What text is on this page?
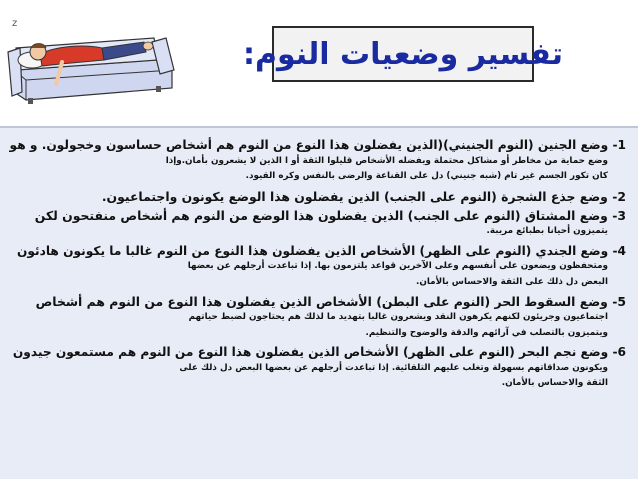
z
تفسير وضعيات النوم:
1- وضع الجنين (النوم الجنيني)(الذين يفضلون هذا النوع من النوم هم أشخاص حساسون وخجولون. و هو
وضع حماية من مخاطر أو مشاكل محتملة ويفضله الأشخاص قليلوا الثقة أو ا الذين لا يشعرون بأمان.وإذا
كان تكور الجسم غير تام (شبه جنيني) دل على القناعة والرضى بالنفس وكره القيود.
2- وضع جذع الشجرة (النوم على الجنب) الذين يفضلون هذا الوضع يكونون واجتماعيون.
3- وضع المشتاق (النوم على الجنب) الذين يفضلون هذا الوضع من النوم هم أشخاص منفتحون لكن
يتميزون أحيانا بطبائع مريبة.
4- وضع الجندي (النوم على الظهر) الأشخاص الذين يفضلون هذا النوع من النوم غالبا ما يكونون هادئون
ومتحفظون ويضعون على أنفسهم وعلى الآخرين قواعد يلتزمون بها. إذا تباعدت أرجلهم عن بعضها
البعض دل ذلك على الثقة والاحساس بالأمان.
5- وضع السقوط الحر (النوم على البطن) الأشخاص الذين يفضلون هذا النوع من النوم هم أشخاص
اجتماعيون وجريئون لكنهم يكرهون النقد ويشعرون غالبا بتهديد ما لذلك هم يحتاجون لضبط حياتهم
ويتميزون بالتصلب في آرائهم والدقة والوضوح والتنظيم.
6- وضع نجم البحر (النوم على الظهر) الأشخاص الذين يفضلون هذا النوع من النوم هم مستمعون جيدون
ويكونون صداقاتهم بسهولة وتغلب عليهم التلقائية. إذا تباعدت أرجلهم عن بعضها البعض دل ذلك على
الثقة والاحساس بالأمان.
